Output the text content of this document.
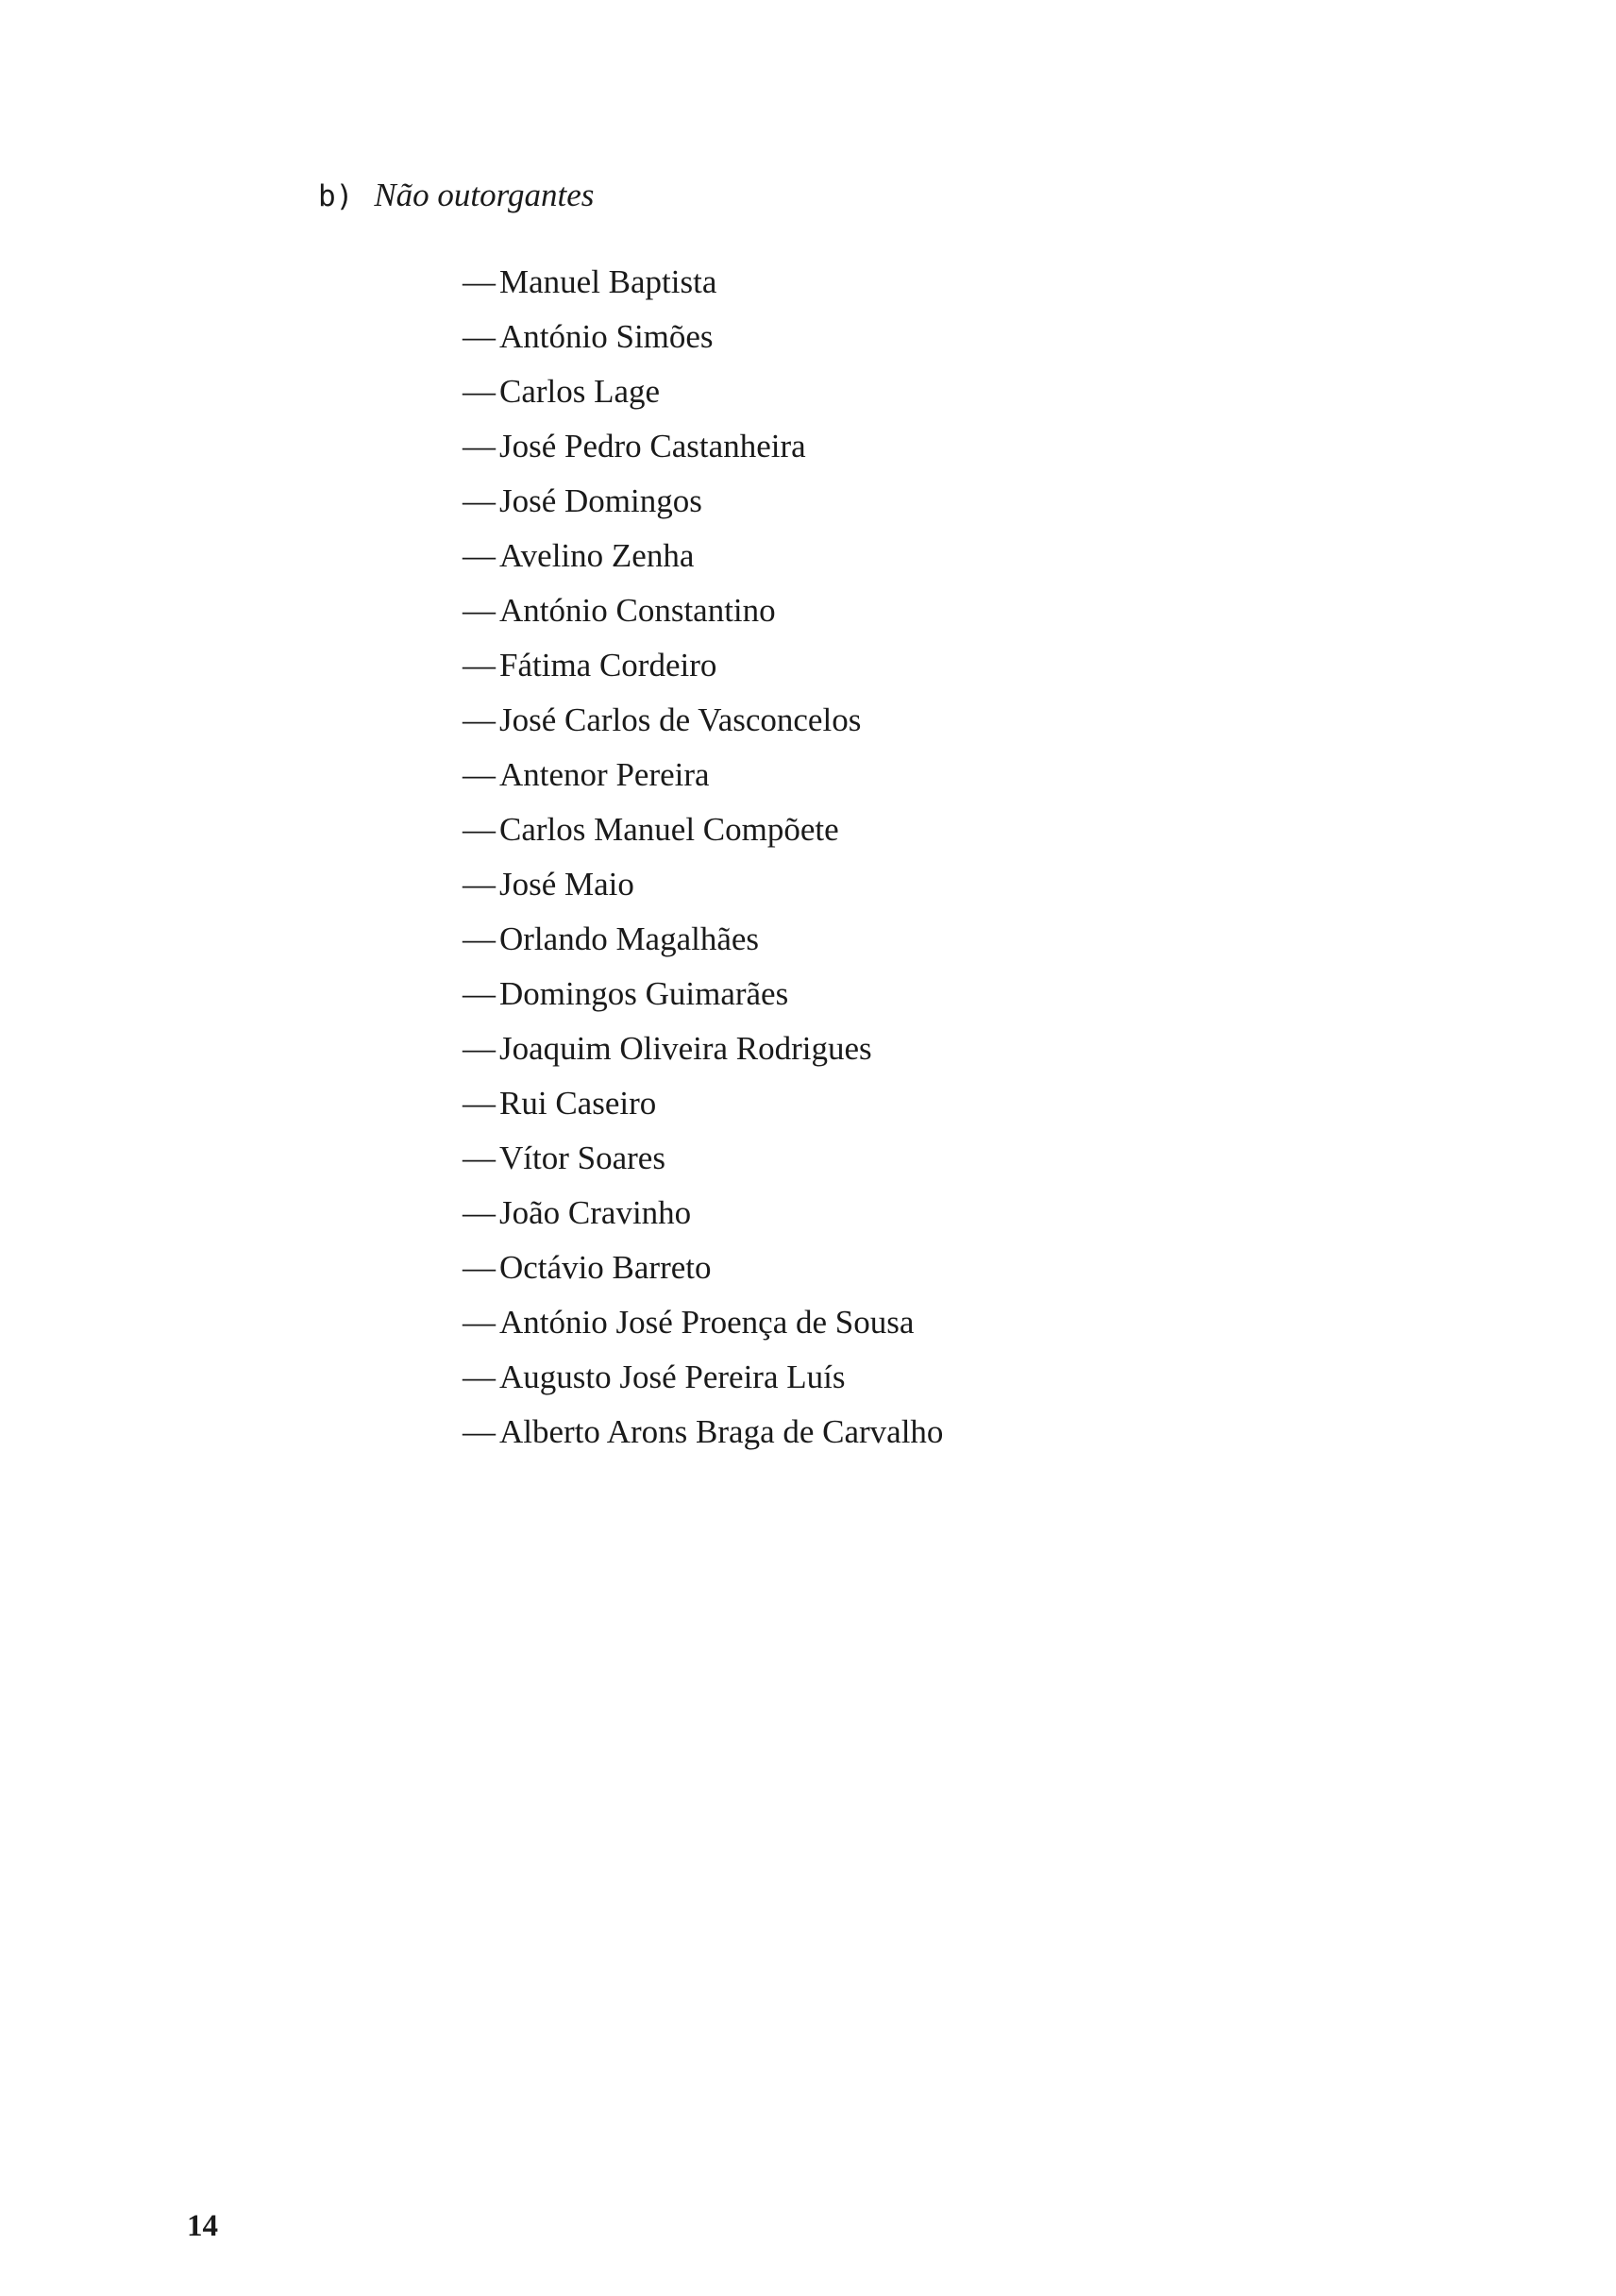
b) Não outorgantes
— Manuel Baptista
— António Simões
— Carlos Lage
— José Pedro Castanheira
— José Domingos
— Avelino Zenha
— António Constantino
— Fátima Cordeiro
— José Carlos de Vasconcelos
— Antenor Pereira
— Carlos Manuel Compõete
— José Maio
— Orlando Magalhães
— Domingos Guimarães
— Joaquim Oliveira Rodrigues
— Rui Caseiro
— Vítor Soares
— João Cravinho
— Octávio Barreto
— António José Proença de Sousa
— Augusto José Pereira Luís
— Alberto Arons Braga de Carvalho
14
